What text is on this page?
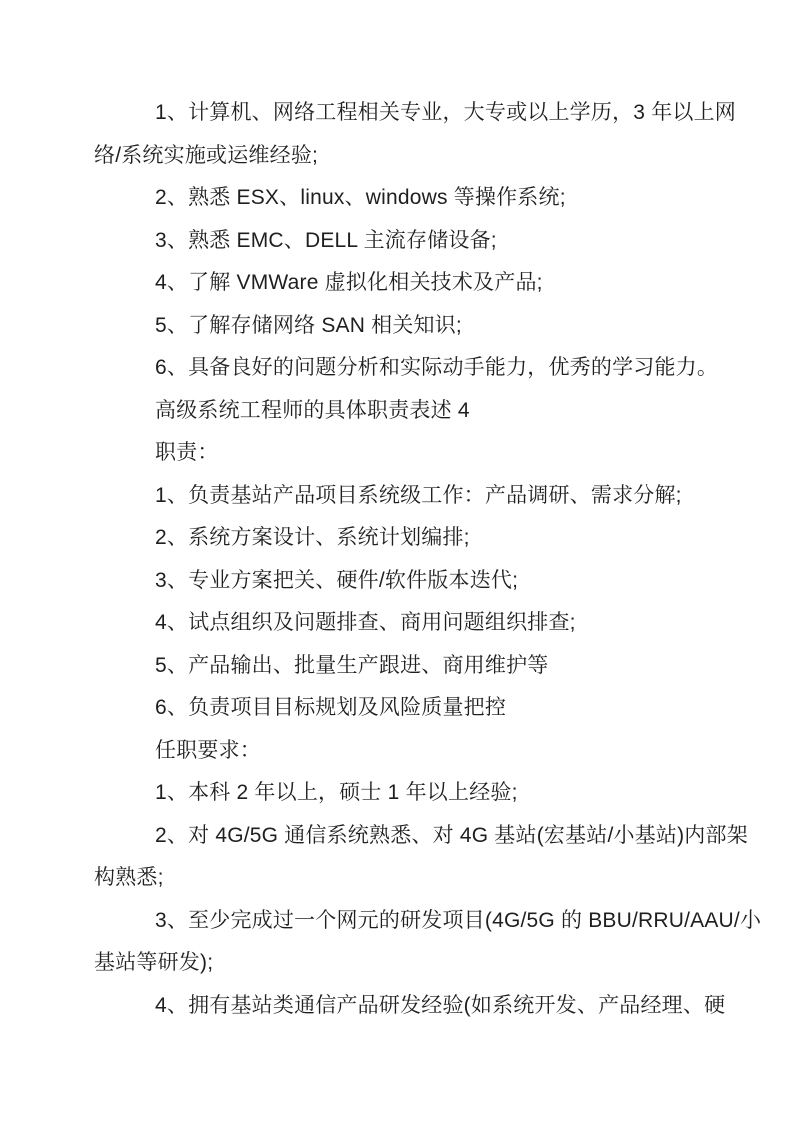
1、计算机、网络工程相关专业，大专或以上学历，3 年以上网
络/系统实施或运维经验;
2、熟悉 ESX、linux、windows 等操作系统;
3、熟悉 EMC、DELL 主流存储设备;
4、了解 VMWare 虚拟化相关技术及产品;
5、了解存储网络 SAN 相关知识;
6、具备良好的问题分析和实际动手能力，优秀的学习能力。
高级系统工程师的具体职责表述 4
职责：
1、负责基站产品项目系统级工作：产品调研、需求分解;
2、系统方案设计、系统计划编排;
3、专业方案把关、硬件/软件版本迭代;
4、试点组织及问题排查、商用问题组织排查;
5、产品输出、批量生产跟进、商用维护等
6、负责项目目标规划及风险质量把控
任职要求：
1、本科 2 年以上，硕士 1 年以上经验;
2、对 4G/5G 通信系统熟悉、对 4G 基站(宏基站/小基站)内部架
构熟悉;
3、至少完成过一个网元的研发项目(4G/5G 的 BBU/RRU/AAU/小
基站等研发);
4、拥有基站类通信产品研发经验(如系统开发、产品经理、硬
